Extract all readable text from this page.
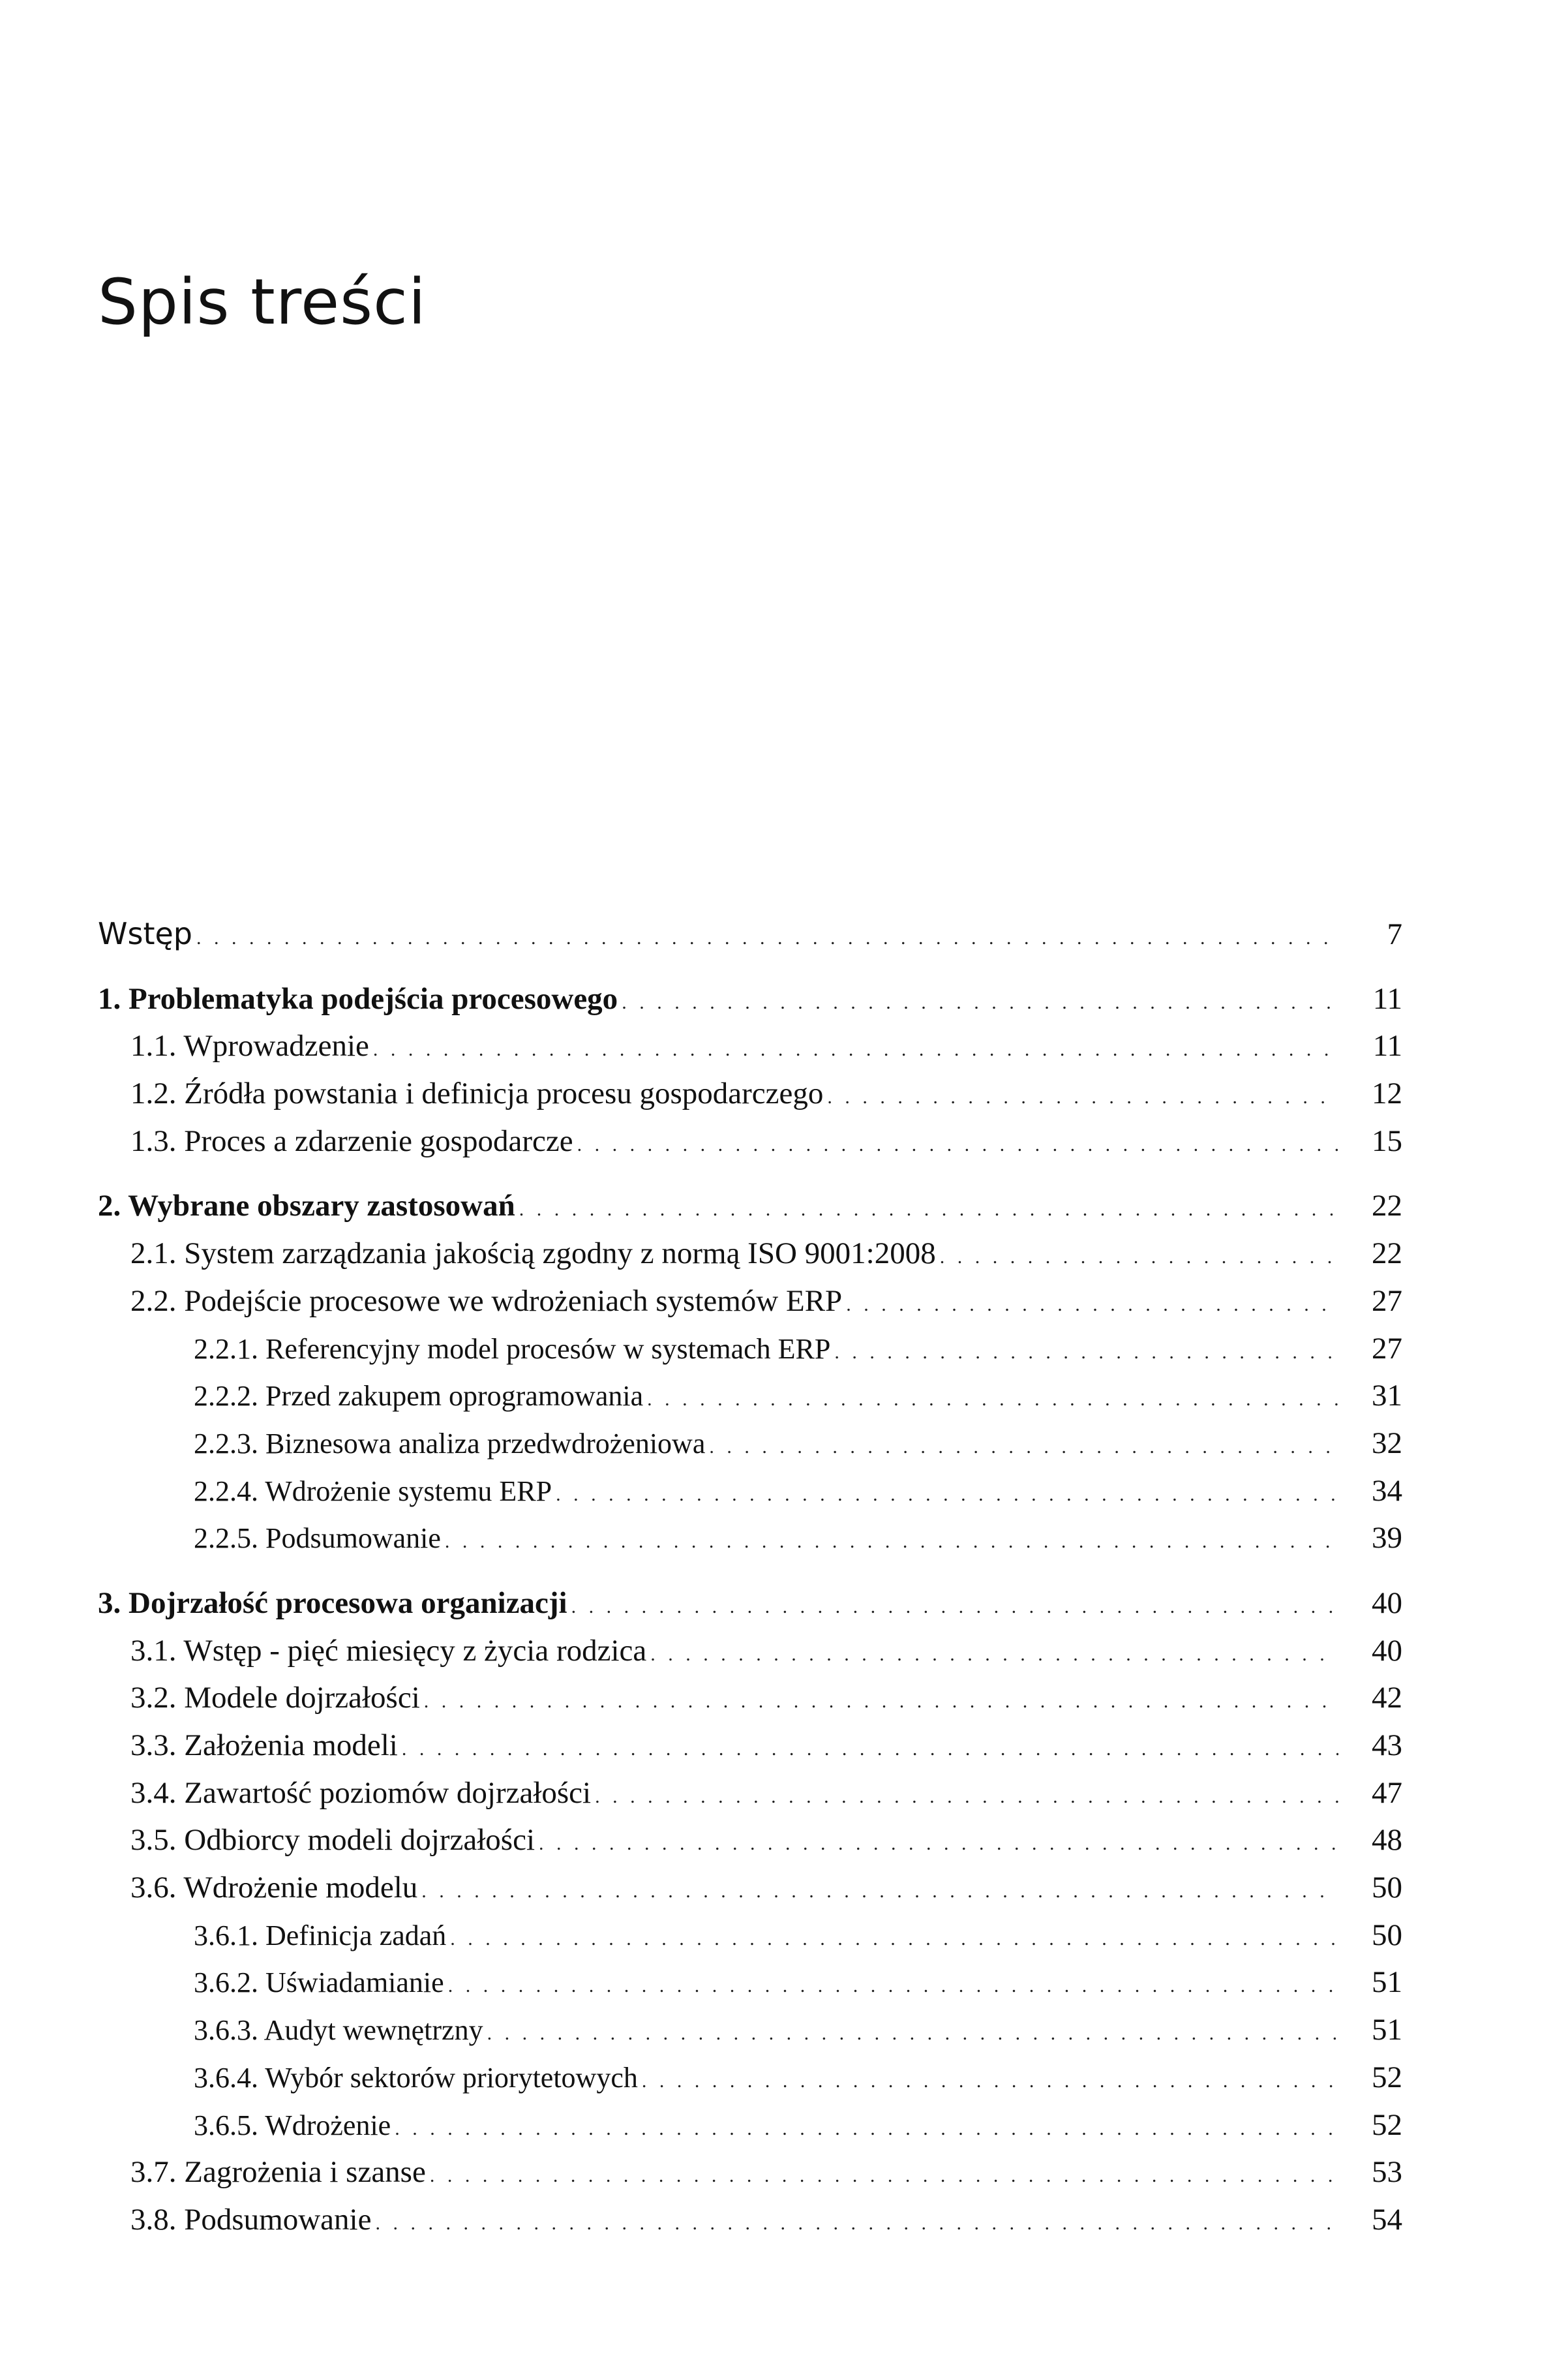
Spis treści
Wstęp . . .	7
1. Problematyka podejścia procesowego . . .	11
1.1. Wprowadzenie . . .	11
1.2. Źródła powstania i definicja procesu gospodarczego . . .	12
1.3. Proces a zdarzenie gospodarcze . . .	15
2. Wybrane obszary zastosowań . . .	22
2.1. System zarządzania jakością zgodny z normą ISO 9001:2008 . . .	22
2.2. Podejście procesowe we wdrożeniach systemów ERP . . .	27
2.2.1. Referencyjny model procesów w systemach ERP . . .	27
2.2.2. Przed zakupem oprogramowania . . .	31
2.2.3. Biznesowa analiza przedwdrożeniowa . . .	32
2.2.4. Wdrożenie systemu ERP . . .	34
2.2.5. Podsumowanie . . .	39
3. Dojrzałość procesowa organizacji . . .	40
3.1. Wstęp - pięć miesięcy z życia rodzica . . .	40
3.2. Modele dojrzałości . . .	42
3.3. Założenia modeli . . .	43
3.4. Zawartość poziomów dojrzałości . . .	47
3.5. Odbiorcy modeli dojrzałości . . .	48
3.6. Wdrożenie modelu . . .	50
3.6.1. Definicja zadań . . .	50
3.6.2. Uświadamianie . . .	51
3.6.3. Audyt wewnętrzny . . .	51
3.6.4. Wybór sektorów priorytetowych . . .	52
3.6.5. Wdrożenie . . .	52
3.7. Zagrożenia i szanse . . .	53
3.8. Podsumowanie . . .	54
